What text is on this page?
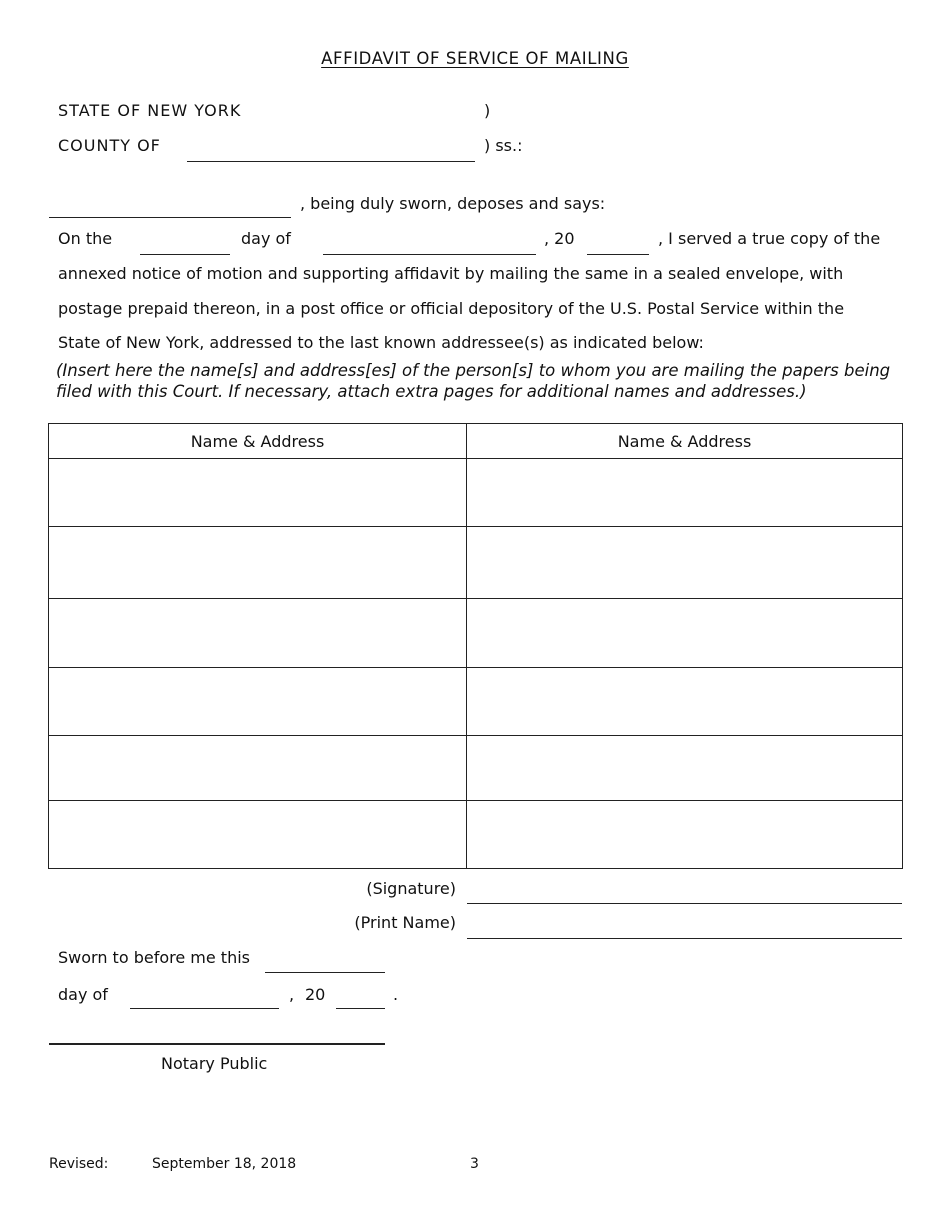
AFFIDAVIT OF SERVICE OF MAILING
STATE OF NEW YORK	)
COUNTY OF	) ss.:
, being duly sworn, deposes and says:
On the	day of	, 20	, I served a true copy of the
annexed notice of motion and supporting affidavit by mailing the same in a sealed envelope, with
postage prepaid thereon, in a post office or official depository of the U.S. Postal Service within the
State of New York, addressed to the last known addressee(s) as indicated below:
(Insert here the name[s] and address[es] of the person[s] to whom you are mailing the papers being filed with this Court. If necessary, attach extra pages for additional names and addresses.)
Name & Address	Name & Address

(Signature)
(Print Name)
Sworn to before me this
day of	, 20	.
Notary Public
Revised:	September 18, 2018	3
